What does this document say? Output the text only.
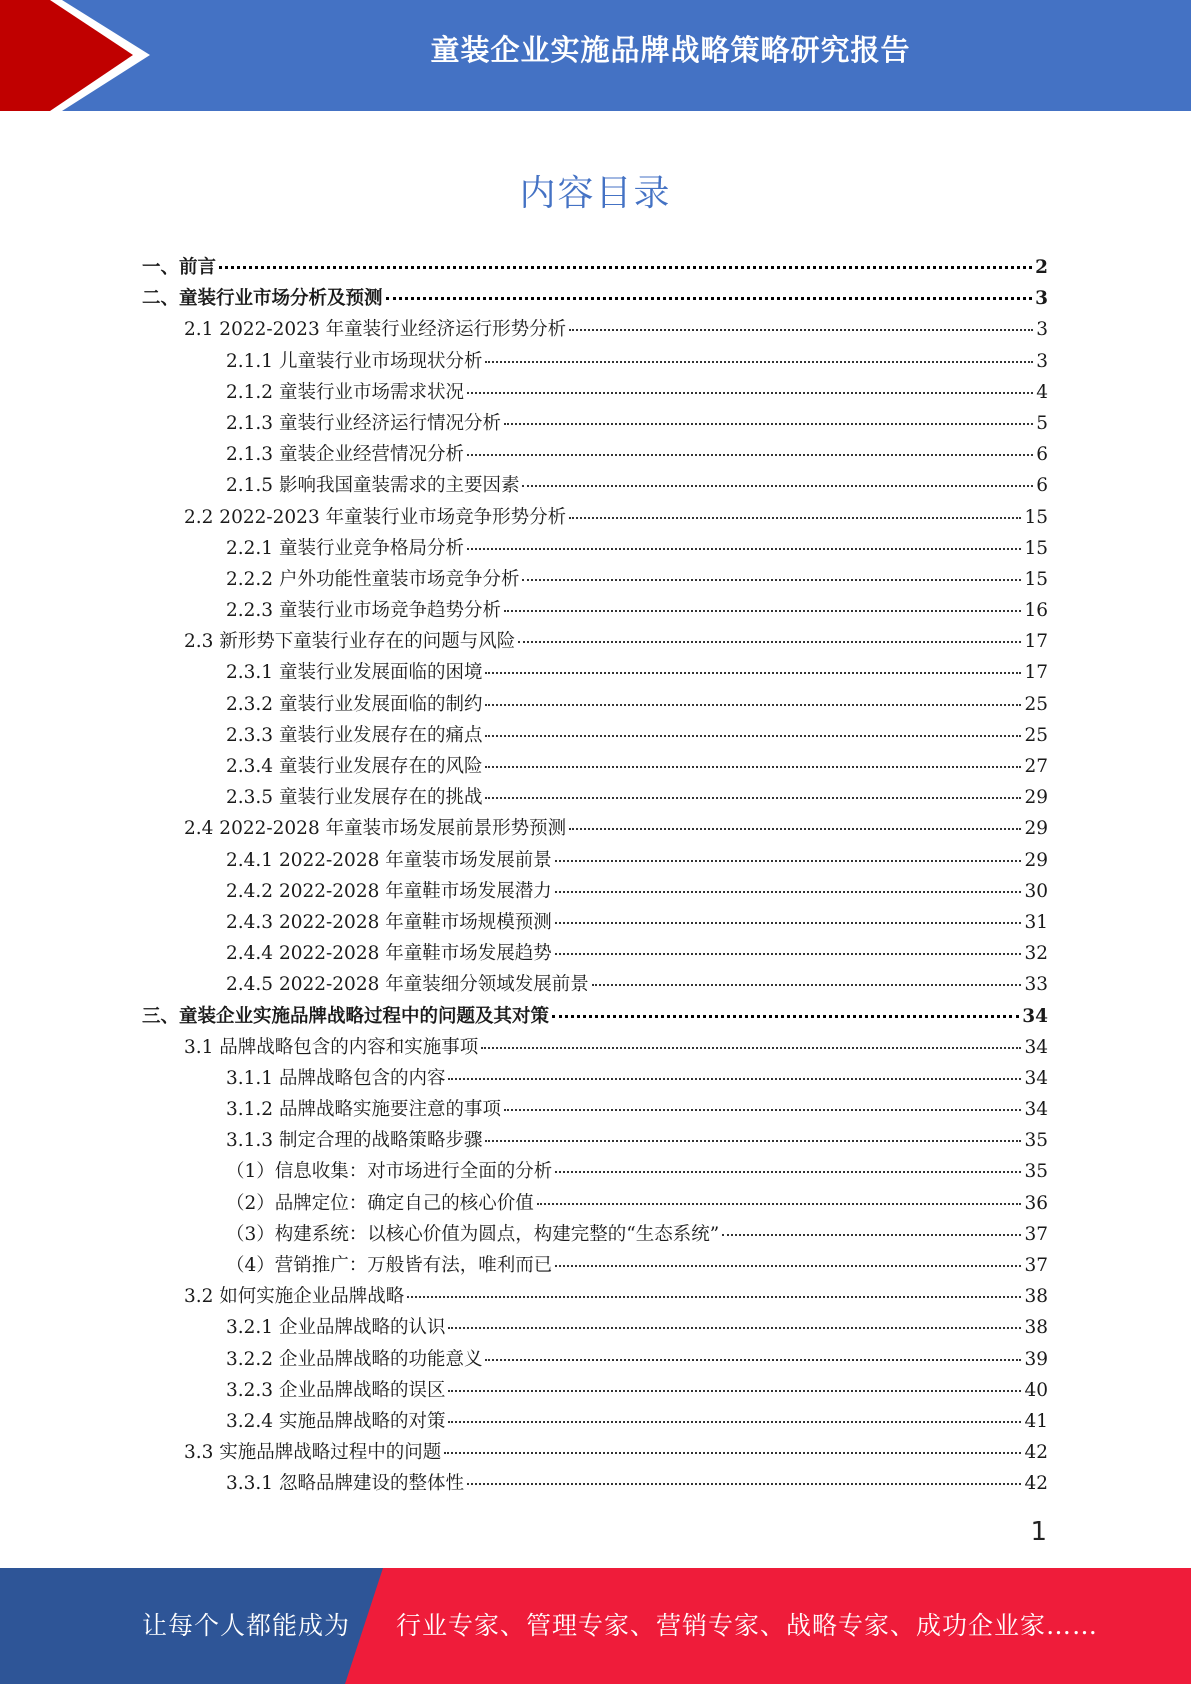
童装企业实施品牌战略策略研究报告
内容目录
一、前言	2
二、童装行业市场分析及预测	3
2.1 2022-2023 年童装行业经济运行形势分析	3
2.1.1 儿童装行业市场现状分析	3
2.1.2 童装行业市场需求状况	4
2.1.3 童装行业经济运行情况分析	5
2.1.3 童装企业经营情况分析	6
2.1.5 影响我国童装需求的主要因素	6
2.2 2022-2023 年童装行业市场竞争形势分析	15
2.2.1 童装行业竞争格局分析	15
2.2.2 户外功能性童装市场竞争分析	15
2.2.3 童装行业市场竞争趋势分析	16
2.3 新形势下童装行业存在的问题与风险	17
2.3.1 童装行业发展面临的困境	17
2.3.2 童装行业发展面临的制约	25
2.3.3 童装行业发展存在的痛点	25
2.3.4 童装行业发展存在的风险	27
2.3.5 童装行业发展存在的挑战	29
2.4 2022-2028 年童装市场发展前景形势预测	29
2.4.1 2022-2028 年童装市场发展前景	29
2.4.2 2022-2028 年童鞋市场发展潜力	30
2.4.3 2022-2028 年童鞋市场规模预测	31
2.4.4 2022-2028 年童鞋市场发展趋势	32
2.4.5 2022-2028 年童装细分领域发展前景	33
三、童装企业实施品牌战略过程中的问题及其对策	34
3.1 品牌战略包含的内容和实施事项	34
3.1.1 品牌战略包含的内容	34
3.1.2 品牌战略实施要注意的事项	34
3.1.3 制定合理的战略策略步骤	35
（1）信息收集：对市场进行全面的分析	35
（2）品牌定位：确定自己的核心价值	36
（3）构建系统：以核心价值为圆点，构建完整的“生态系统”	37
（4）营销推广：万般皆有法，唯利而已	37
3.2 如何实施企业品牌战略	38
3.2.1 企业品牌战略的认识	38
3.2.2 企业品牌战略的功能意义	39
3.2.3 企业品牌战略的误区	40
3.2.4 实施品牌战略的对策	41
3.3 实施品牌战略过程中的问题	42
3.3.1 忽略品牌建设的整体性	42
1
让每个人都能成为 行业专家、管理专家、营销专家、战略专家、成功企业家……
